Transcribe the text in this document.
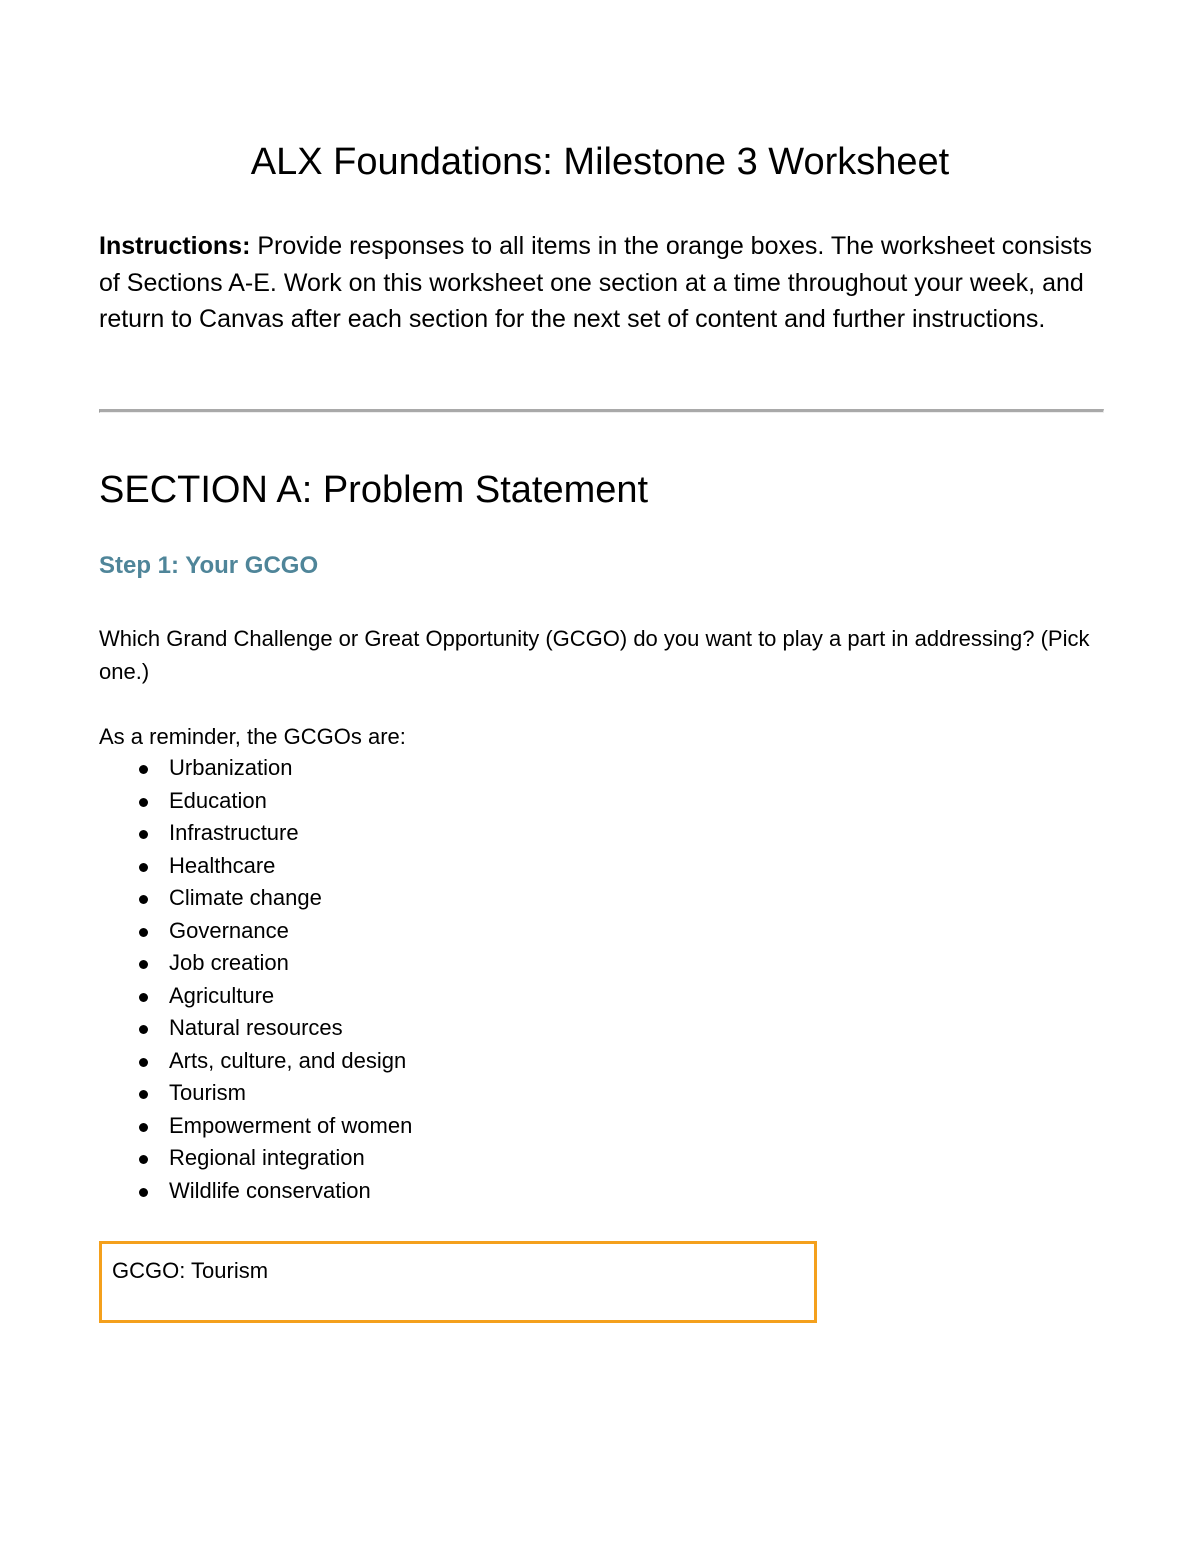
ALX Foundations: Milestone 3 Worksheet

Instructions: Provide responses to all items in the orange boxes. The worksheet consists of Sections A-E. Work on this worksheet one section at a time throughout your week, and return to Canvas after each section for the next set of content and further instructions.

SECTION A: Problem Statement
Step 1: Your GCGO

Which Grand Challenge or Great Opportunity (GCGO) do you want to play a part in addressing? (Pick one.)

As a reminder, the GCGOs are:

Urbanization
Education
Infrastructure
Healthcare
Climate change
Governance
Job creation
Agriculture
Natural resources
Arts, culture, and design
Tourism
Empowerment of women
Regional integration
Wildlife conservation

GCGO: Tourism
